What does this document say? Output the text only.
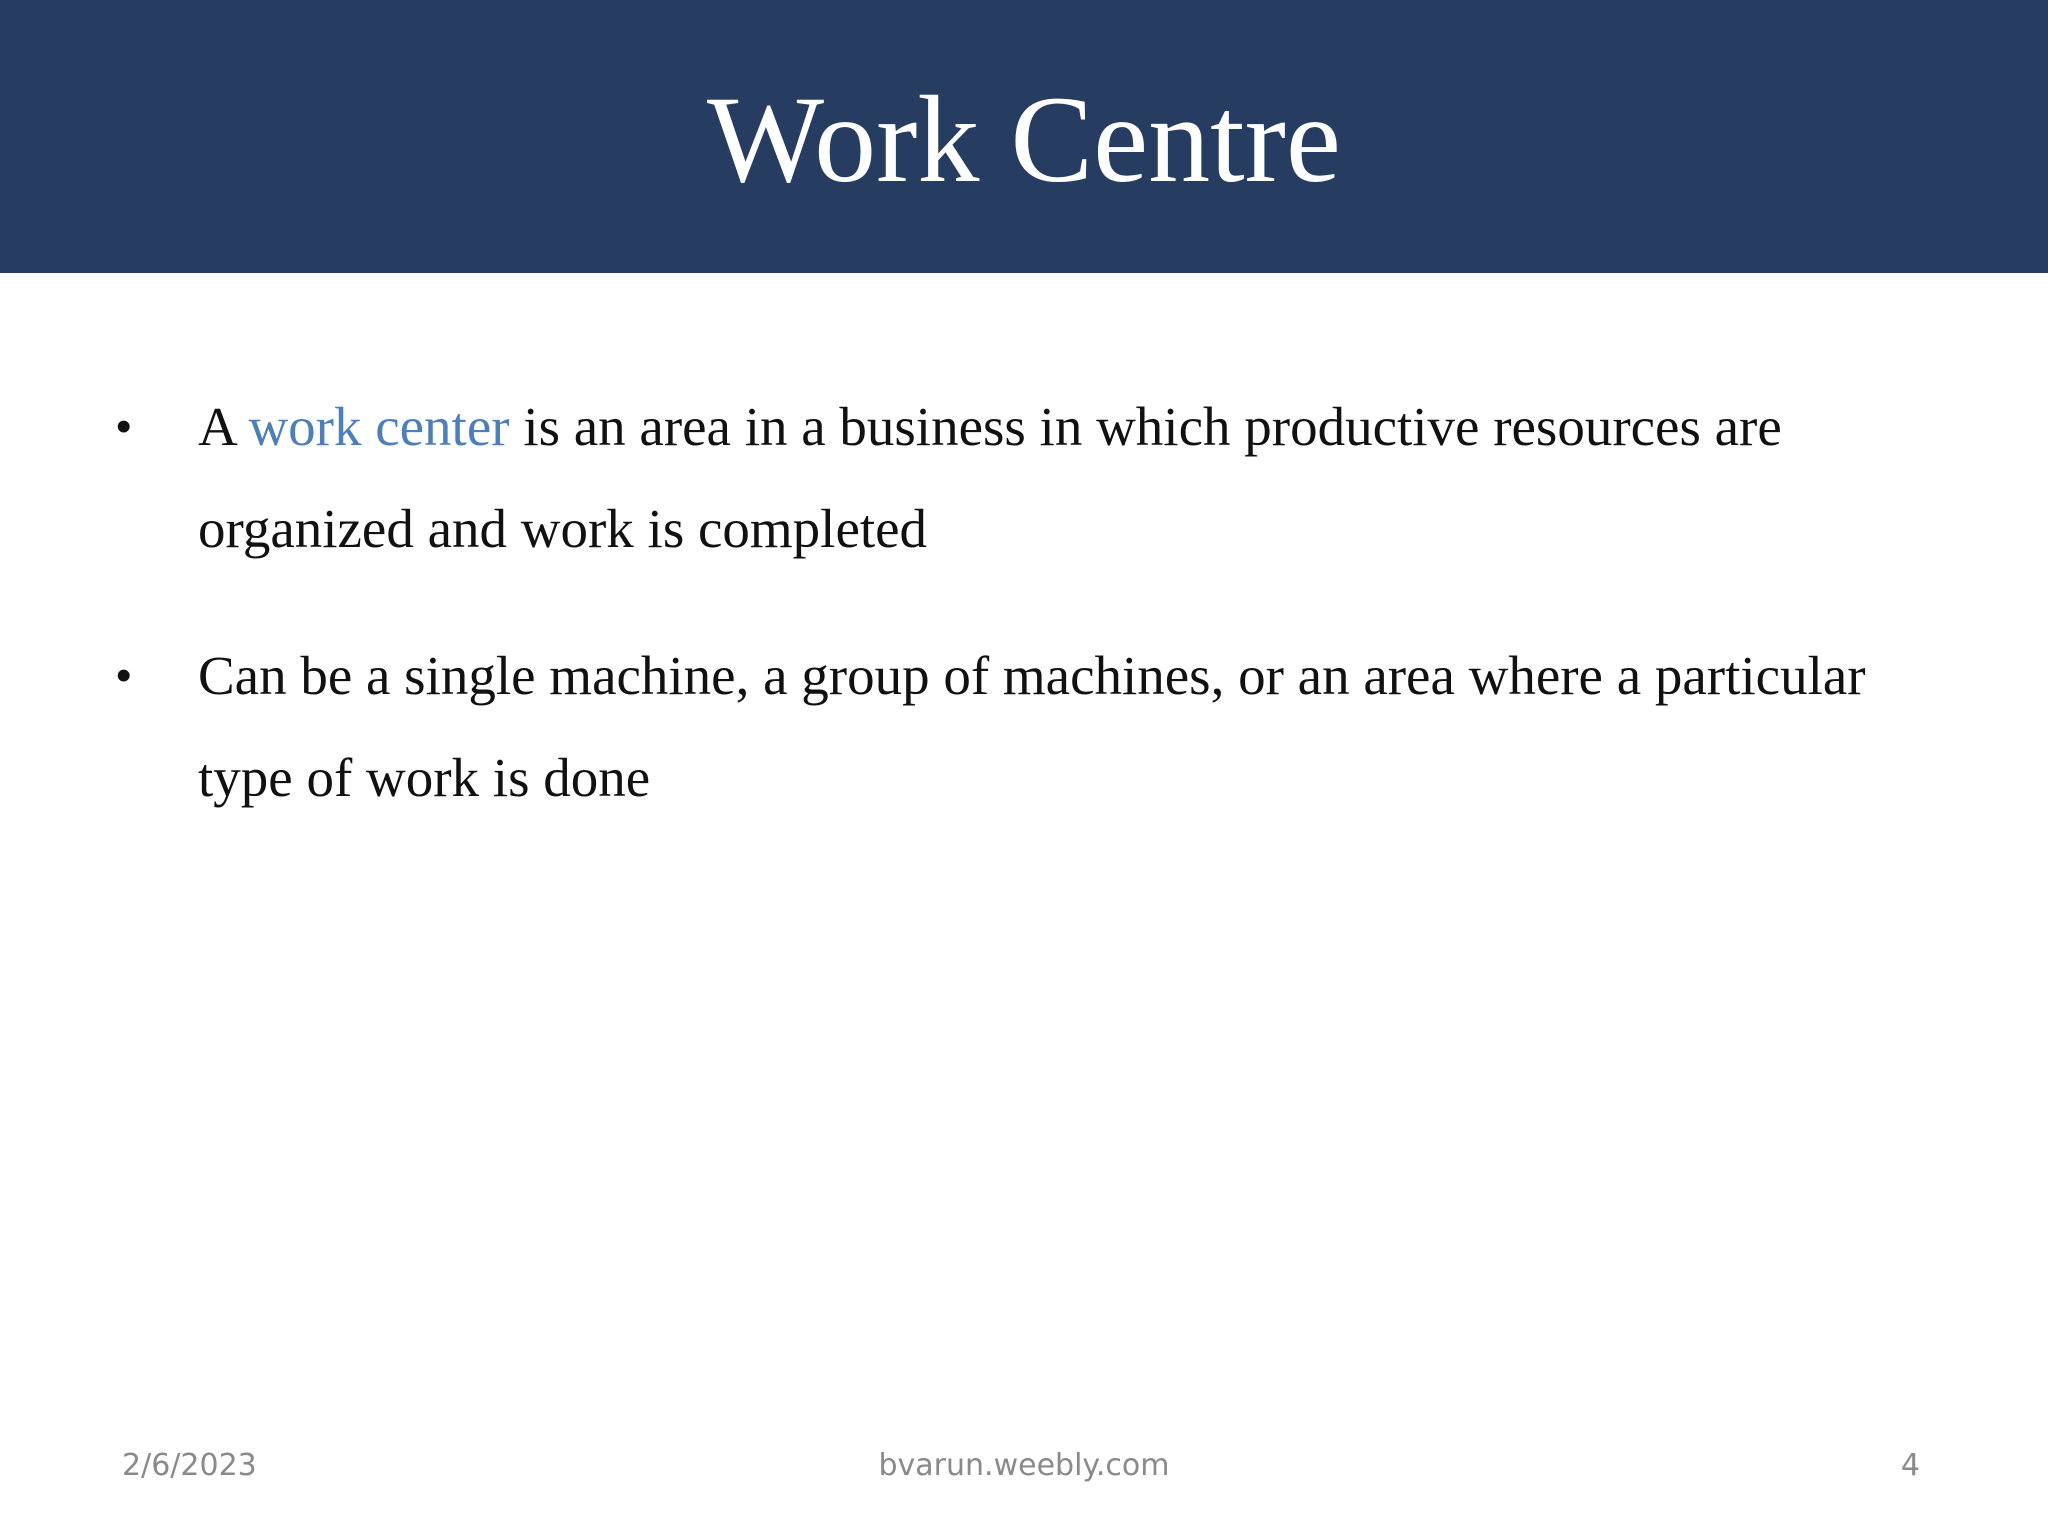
Work Centre
•	A work center is an area in a business in which productive resources are organized and work is completed
•	Can be a single machine, a group of machines, or an area where a particular type of work is done
2/6/2023	bvarun.weebly.com	4
